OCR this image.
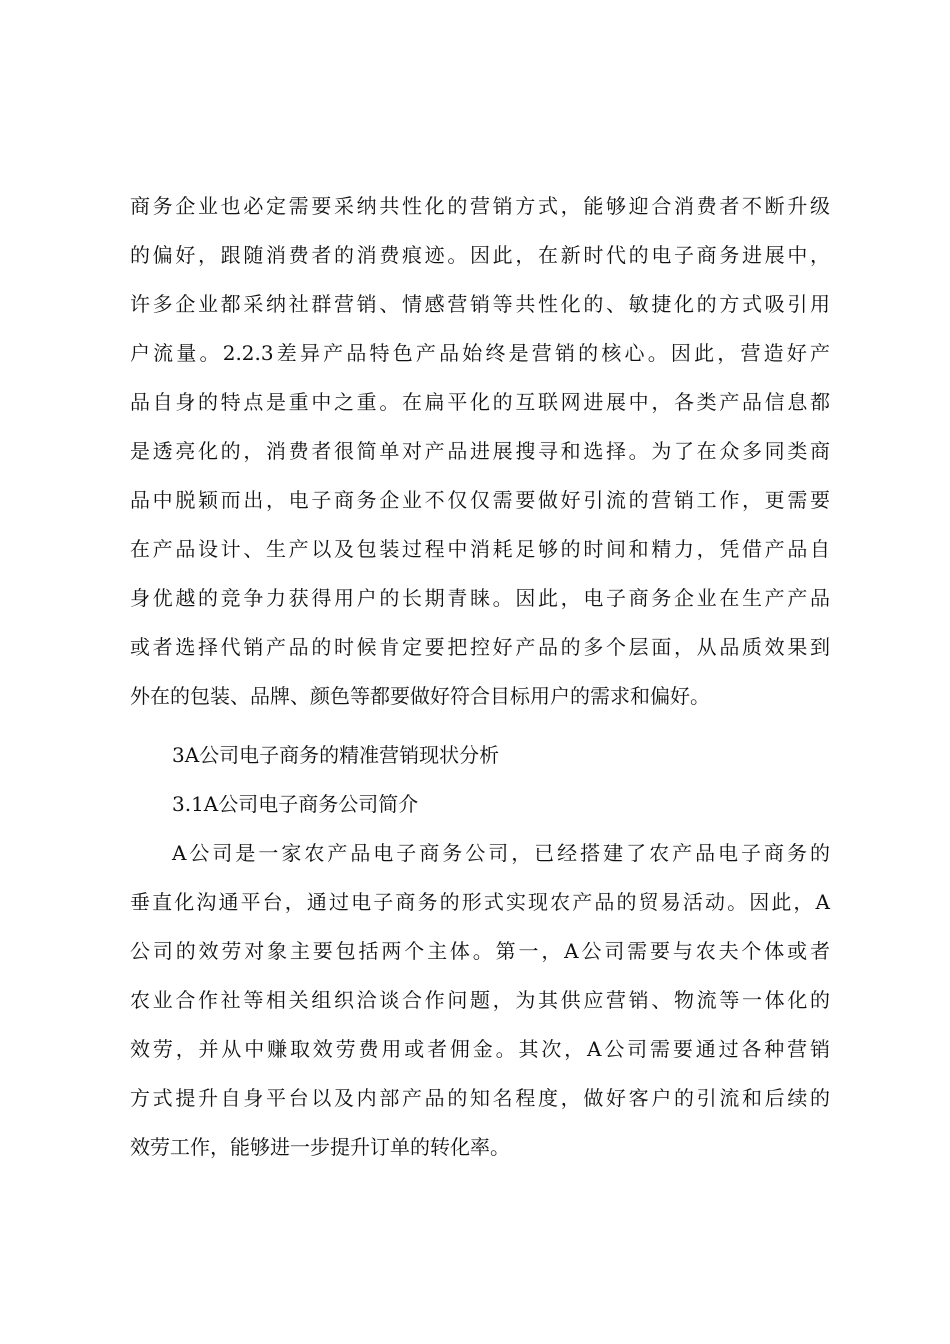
商务企业也必定需要采纳共性化的营销方式，能够迎合消费者不断升级
的偏好，跟随消费者的消费痕迹。因此，在新时代的电子商务进展中，
许多企业都采纳社群营销、情感营销等共性化的、敏捷化的方式吸引用
户流量。2.2.3差异产品特色产品始终是营销的核心。因此，营造好产
品自身的特点是重中之重。在扁平化的互联网进展中，各类产品信息都
是透亮化的，消费者很简单对产品进展搜寻和选择。为了在众多同类商
品中脱颖而出，电子商务企业不仅仅需要做好引流的营销工作，更需要
在产品设计、生产以及包装过程中消耗足够的时间和精力，凭借产品自
身优越的竞争力获得用户的长期青睐。因此，电子商务企业在生产产品
或者选择代销产品的时候肯定要把控好产品的多个层面，从品质效果到
外在的包装、品牌、颜色等都要做好符合目标用户的需求和偏好。
3A公司电子商务的精准营销现状分析
3.1A公司电子商务公司简介
A公司是一家农产品电子商务公司，已经搭建了农产品电子商务的
垂直化沟通平台，通过电子商务的形式实现农产品的贸易活动。因此，A
公司的效劳对象主要包括两个主体。第一，A公司需要与农夫个体或者
农业合作社等相关组织洽谈合作问题，为其供应营销、物流等一体化的
效劳，并从中赚取效劳费用或者佣金。其次，A公司需要通过各种营销
方式提升自身平台以及内部产品的知名程度，做好客户的引流和后续的
效劳工作，能够进一步提升订单的转化率。
